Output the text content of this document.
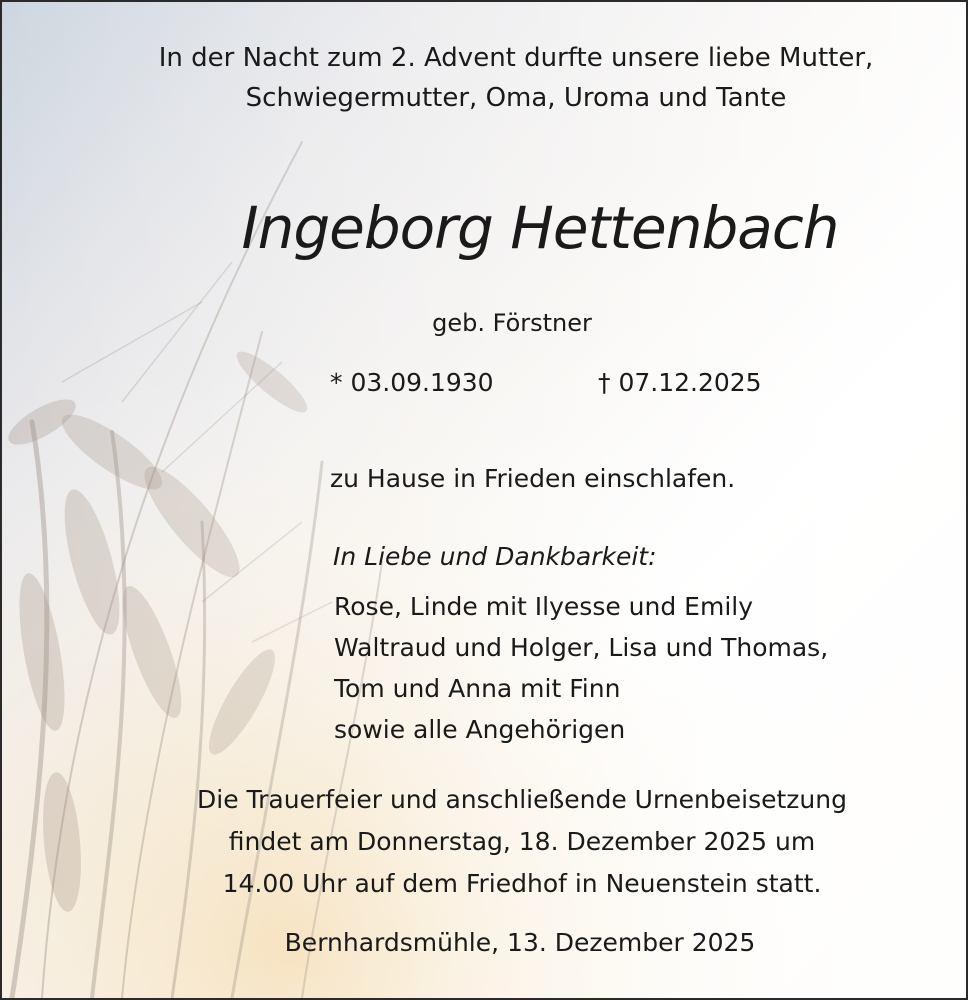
In der Nacht zum 2. Advent durfte unsere liebe Mutter,
Schwiegermutter, Oma, Uroma und Tante
Ingeborg Hettenbach
geb. Förstner
* 03.09.1930	† 07.12.2025
zu Hause in Frieden einschlafen.
In Liebe und Dankbarkeit:
Rose, Linde mit Ilyesse und Emily
Waltraud und Holger, Lisa und Thomas,
Tom und Anna mit Finn
sowie alle Angehörigen
Die Trauerfeier und anschließende Urnenbeisetzung
findet am Donnerstag, 18. Dezember 2025 um
14.00 Uhr auf dem Friedhof in Neuenstein statt.
Bernhardsmühle, 13. Dezember 2025
